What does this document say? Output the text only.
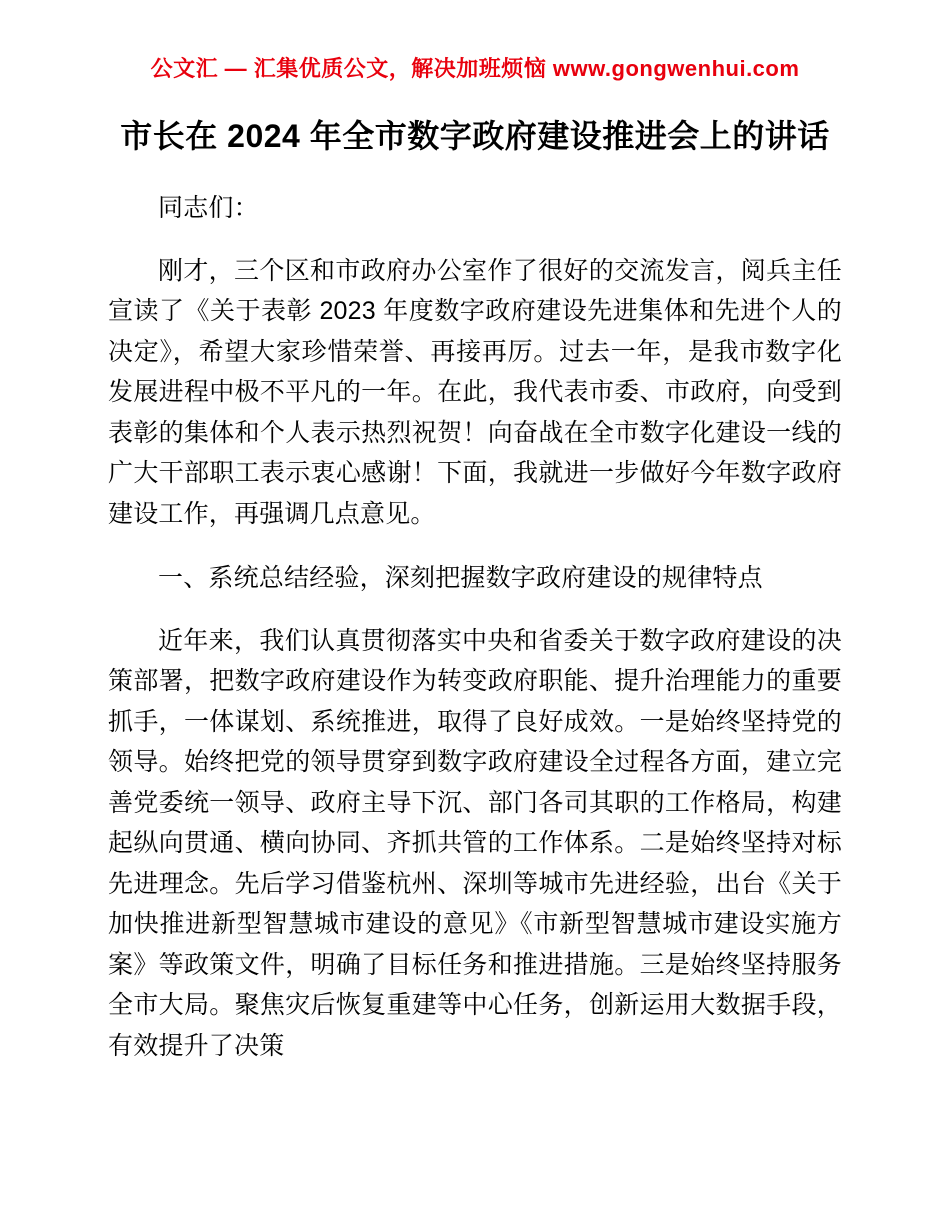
公文汇 — 汇集优质公文，解决加班烦恼 www.gongwenhui.com
市长在 2024 年全市数字政府建设推进会上的讲话

同志们：

刚才，三个区和市政府办公室作了很好的交流发言，阅兵主任宣读了《关于表彰 2023 年度数字政府建设先进集体和先进个人的决定》，希望大家珍惜荣誉、再接再厉。过去一年，是我市数字化发展进程中极不平凡的一年。在此，我代表市委、市政府，向受到表彰的集体和个人表示热烈祝贺！向奋战在全市数字化建设一线的广大干部职工表示衷心感谢！下面，我就进一步做好今年数字政府建设工作，再强调几点意见。

一、系统总结经验，深刻把握数字政府建设的规律特点

近年来，我们认真贯彻落实中央和省委关于数字政府建设的决策部署，把数字政府建设作为转变政府职能、提升治理能力的重要抓手，一体谋划、系统推进，取得了良好成效。一是始终坚持党的领导。始终把党的领导贯穿到数字政府建设全过程各方面，建立完善党委统一领导、政府主导下沉、部门各司其职的工作格局，构建起纵向贯通、横向协同、齐抓共管的工作体系。二是始终坚持对标先进理念。先后学习借鉴杭州、深圳等城市先进经验，出台《关于加快推进新型智慧城市建设的意见》《市新型智慧城市建设实施方案》等政策文件，明确了目标任务和推进措施。三是始终坚持服务全市大局。聚焦灾后恢复重建等中心任务，创新运用大数据手段，有效提升了决策
